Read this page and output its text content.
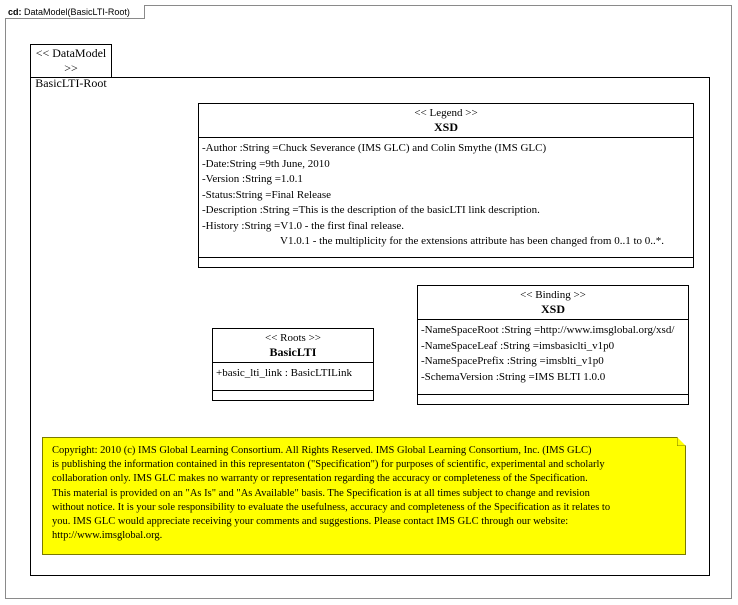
cd: DataModel(BasicLTI-Root)
<< DataModel >>
BasicLTI-Root
<< Legend >>
XSD
-Author :String =Chuck Severance (IMS GLC) and Colin Smythe (IMS GLC)
-Date:String =9th June, 2010
-Version :String =1.0.1
-Status:String =Final Release
-Description :String =This is the description of the basicLTI link description.
-History :String =V1.0 - the first final release.
V1.0.1 - the multiplicity for the extensions attribute has been changed from 0..1 to 0..*.
<< Binding >>
XSD
-NameSpaceRoot :String =http://www.imsglobal.org/xsd/
-NameSpaceLeaf :String =imsbasiclti_v1p0
-NameSpacePrefix :String =imsblti_v1p0
-SchemaVersion :String =IMS BLTI 1.0.0
<< Roots >>
BasicLTI
+basic_lti_link : BasicLTILink
Copyright: 2010 (c) IMS Global Learning Consortium. All Rights Reserved. IMS Global Learning Consortium, Inc. (IMS GLC)
is publishing the information contained in this representaton ("Specification") for purposes of scientific, experimental and scholarly
collaboration only. IMS GLC makes no warranty or representation regarding the accuracy or completeness of the Specification.
This material is provided on an "As Is" and "As Available" basis. The Specification is at all times subject to change and revision
without notice. It is your sole responsibility to evaluate the usefulness, accuracy and completeness of the Specification as it relates to
you. IMS GLC would appreciate receiving your comments and suggestions. Please contact IMS GLC through our website:
http://www.imsglobal.org.
